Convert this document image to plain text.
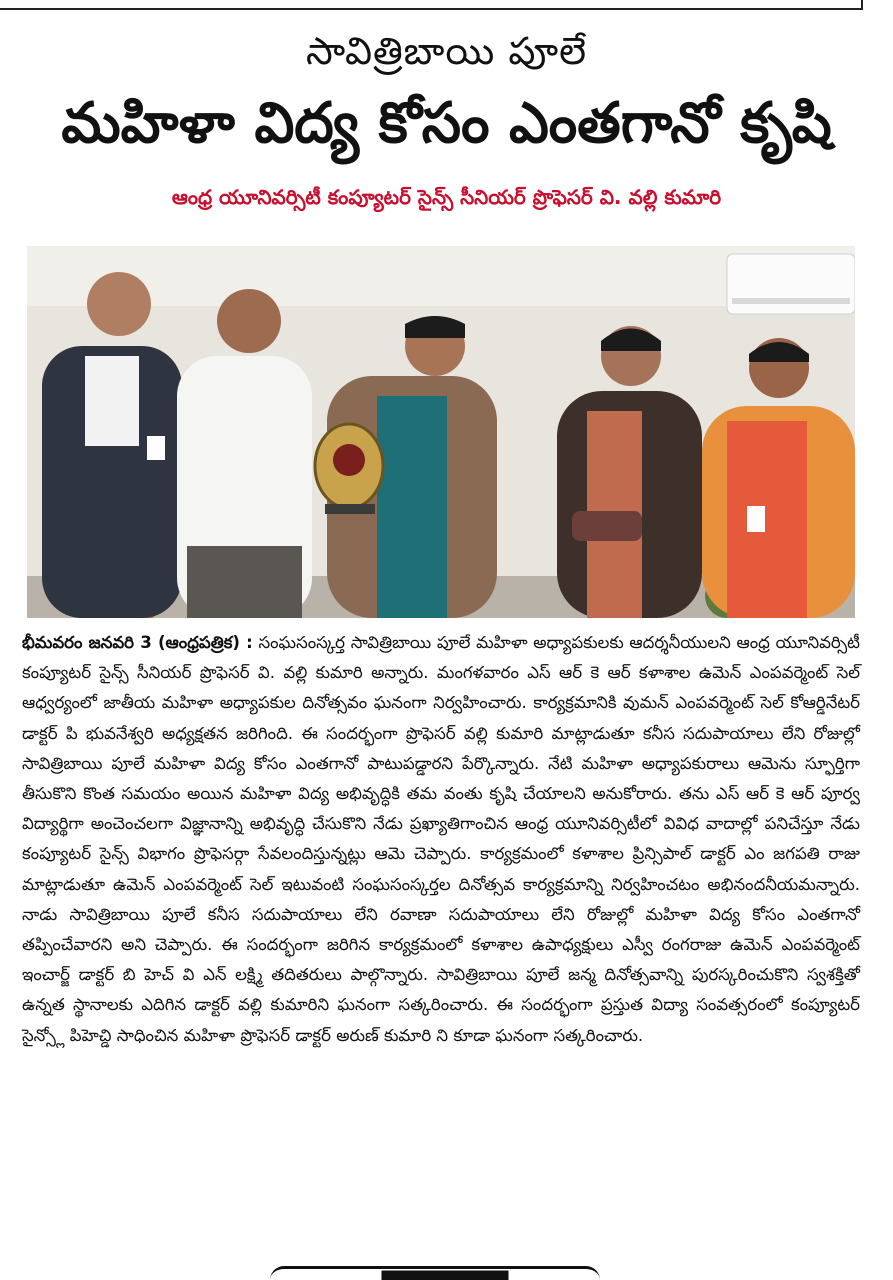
సావిత్రిబాయి పూలే
మహిళా విద్య కోసం ఎంతగానో కృషి
ఆంధ్ర యూనివర్సిటీ కంప్యూటర్ సైన్స్ సీనియర్ ప్రొఫెసర్ వి. వల్లి కుమారి

భీమవరం జనవరి 3 (ఆంధ్రపత్రిక) : సంఘసంస్కర్త సావిత్రిబాయి పూలే మహిళా అధ్యాపకులకు ఆదర్శనీయులని ఆంధ్ర యూనివర్సిటీ కంప్యూటర్ సైన్స్ సీనియర్ ప్రొఫెసర్ వి. వల్లి కుమారి అన్నారు. మంగళవారం ఎస్ ఆర్ కె ఆర్ కళాశాల ఉమెన్ ఎంపవర్మెంట్ సెల్ ఆధ్వర్యంలో జాతీయ మహిళా అధ్యాపకుల దినోత్సవం ఘనంగా నిర్వహించారు. కార్యక్రమానికి వుమన్ ఎంపవర్మెంట్ సెల్ కోఆర్డినేటర్ డాక్టర్ పి భువనేశ్వరి అధ్యక్షతన జరిగింది. ఈ సందర్భంగా ప్రొఫెసర్ వల్లి కుమారి మాట్లాడుతూ కనీస సదుపాయాలు లేని రోజుల్లో సావిత్రిబాయి పూలే మహిళా విద్య కోసం ఎంతగానో పాటుపడ్డారని పేర్కొన్నారు. నేటి మహిళా అధ్యాపకురాలు ఆమెను స్ఫూర్తిగా తీసుకొని కొంత సమయం అయిన మహిళా విద్య అభివృద్ధికి తమ వంతు కృషి చేయాలని అనుకోరారు. తను ఎస్ ఆర్ కె ఆర్ పూర్వ విద్యార్థిగా అంచెంచలగా విజ్ఞానాన్ని అభివృద్ధి చేసుకొని నేడు ప్రఖ్యాతిగాంచిన ఆంధ్ర యూనివర్సిటీలో వివిధ వాదాల్లో పనిచేస్తూ నేడు కంప్యూటర్ సైన్స్ విభాగం ప్రొఫెసర్గా సేవలందిస్తున్నట్లు ఆమె చెప్పారు. కార్యక్రమంలో కళాశాల ప్రిన్సిపాల్ డాక్టర్ ఎం జగపతి రాజు మాట్లాడుతూ ఉమెన్ ఎంపవర్మెంట్ సెల్ ఇటువంటి సంఘసంస్కర్తల దినోత్సవ కార్యక్రమాన్ని నిర్వహించటం అభినందనీయమన్నారు. నాడు సావిత్రిబాయి పూలే కనీస సదుపాయాలు లేని రవాణా సదుపాయాలు లేని రోజుల్లో మహిళా విద్య కోసం ఎంతగానో తప్పించేవారని అని చెప్పారు. ఈ సందర్భంగా జరిగిన కార్యక్రమంలో కళాశాల ఉపాధ్యక్షులు ఎస్వీ రంగరాజు ఉమెన్ ఎంపవర్మెంట్ ఇంచార్జ్ డాక్టర్ బి హెచ్ వి ఎన్ లక్ష్మి తదితరులు పాల్గొన్నారు. సావిత్రిబాయి పూలే జన్మ దినోత్సవాన్ని పురస్కరించుకొని స్వశక్తితో ఉన్నత స్థానాలకు ఎదిగిన డాక్టర్ వల్లి కుమారిని ఘనంగా సత్కరించారు. ఈ సందర్భంగా ప్రస్తుత విద్యా సంవత్సరంలో కంప్యూటర్ సైన్స్లో పిహెచ్డి సాధించిన మహిళా ప్రొఫెసర్ డాక్టర్ అరుణ్ కుమారి ని కూడా ఘనంగా సత్కరించారు.
